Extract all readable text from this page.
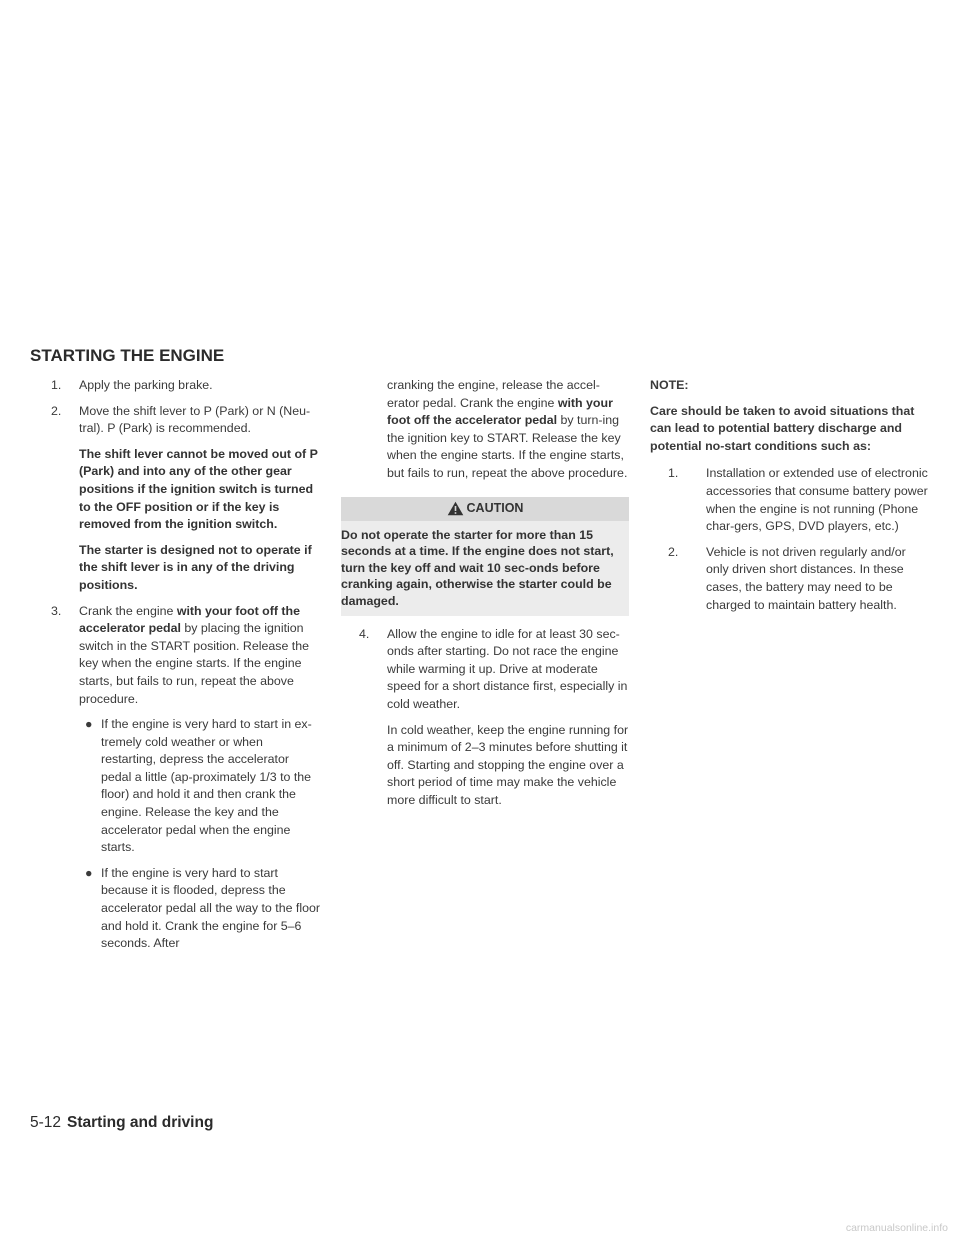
STARTING THE ENGINE

1. Apply the parking brake.

2. Move the shift lever to P (Park) or N (Neu-tral). P (Park) is recommended.

The shift lever cannot be moved out of P (Park) and into any of the other gear positions if the ignition switch is turned to the OFF position or if the key is removed from the ignition switch.

The starter is designed not to operate if the shift lever is in any of the driving positions.

3. Crank the engine with your foot off the accelerator pedal by placing the ignition switch in the START position. Release the key when the engine starts. If the engine starts, but fails to run, repeat the above procedure.

● If the engine is very hard to start in ex-tremely cold weather or when restarting, depress the accelerator pedal a little (ap-proximately 1/3 to the floor) and hold it and then crank the engine. Release the key and the accelerator pedal when the engine starts.

● If the engine is very hard to start because it is flooded, depress the accelerator pedal all the way to the floor and hold it. Crank the engine for 5–6 seconds. After

cranking the engine, release the accel-erator pedal. Crank the engine with your foot off the accelerator pedal by turn-ing the ignition key to START. Release the key when the engine starts. If the engine starts, but fails to run, repeat the above procedure.

CAUTION
Do not operate the starter for more than 15 seconds at a time. If the engine does not start, turn the key off and wait 10 sec-onds before cranking again, otherwise the starter could be damaged.

4. Allow the engine to idle for at least 30 sec-onds after starting. Do not race the engine while warming it up. Drive at moderate speed for a short distance first, especially in cold weather.

In cold weather, keep the engine running for a minimum of 2–3 minutes before shutting it off. Starting and stopping the engine over a short period of time may make the vehicle more difficult to start.

NOTE:

Care should be taken to avoid situations that can lead to potential battery discharge and potential no-start conditions such as:

1. Installation or extended use of electronic accessories that consume battery power when the engine is not running (Phone char-gers, GPS, DVD players, etc.)

2. Vehicle is not driven regularly and/or only driven short distances. In these cases, the battery may need to be charged to maintain battery health.

5-12 Starting and driving
carmanualsonline.info
